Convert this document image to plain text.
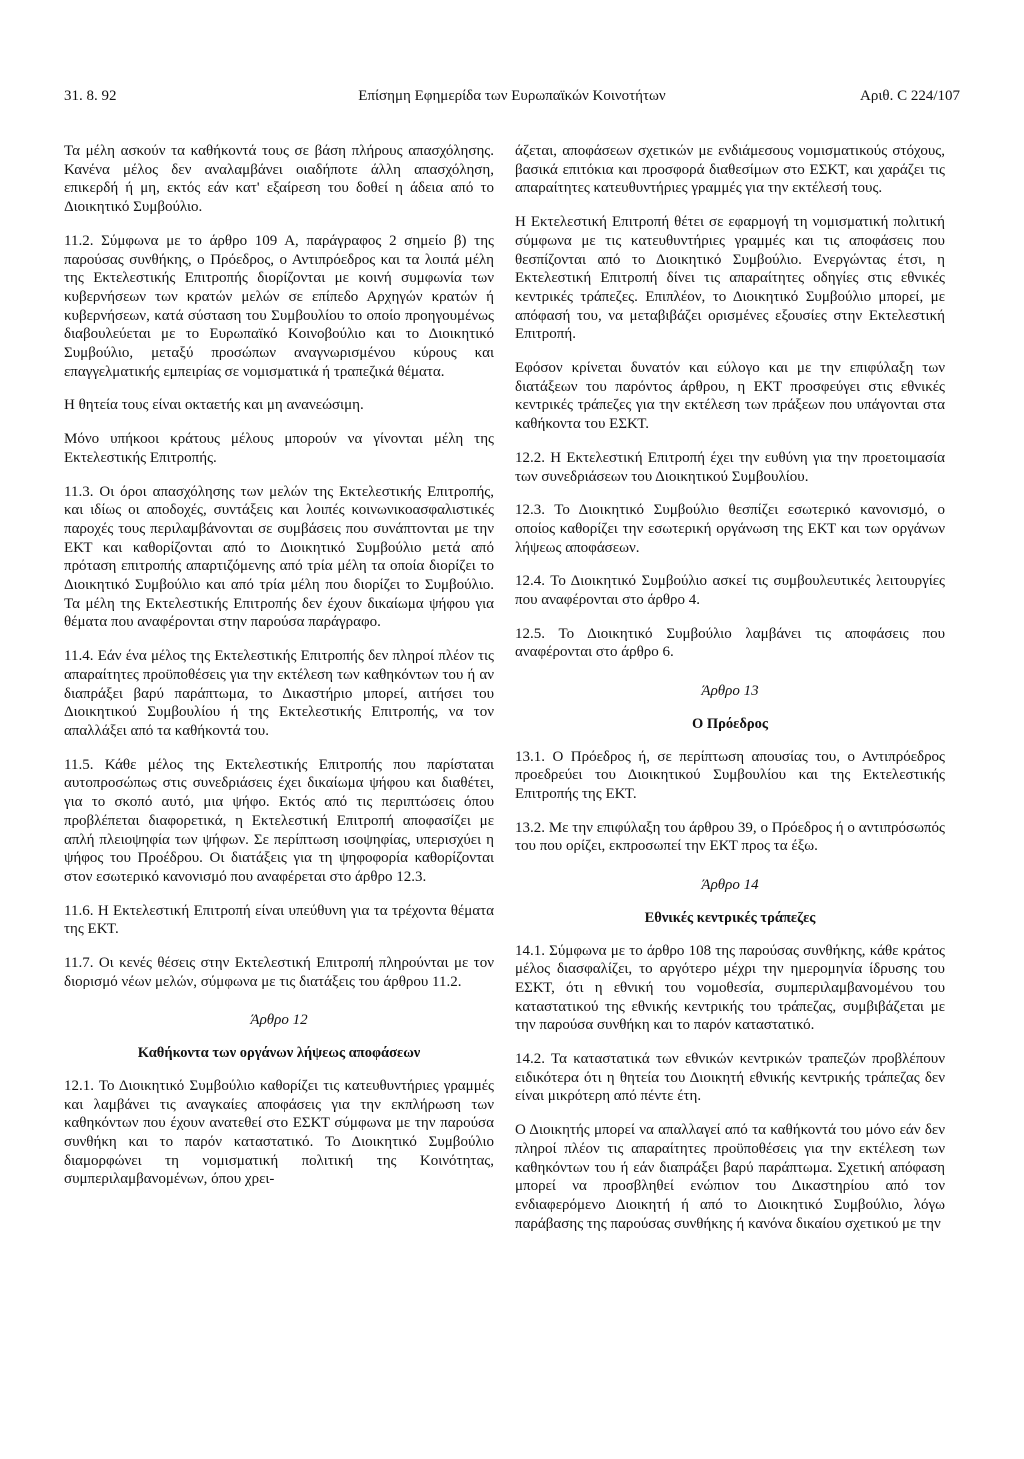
31. 8. 92	Επίσημη Εφημερίδα των Ευρωπαϊκών Κοινοτήτων	Αριθ. C 224/107

Τα μέλη ασκούν τα καθήκοντά τους σε βάση πλήρους απασχόλησης. Κανένα μέλος δεν αναλαμβάνει οιαδήποτε άλλη απασχόληση, επικερδή ή μη, εκτός εάν κατ' εξαίρεση του δοθεί η άδεια από το Διοικητικό Συμβούλιο.

11.2. Σύμφωνα με το άρθρο 109 Α, παράγραφος 2 σημείο β) της παρούσας συνθήκης, ο Πρόεδρος, ο Αντιπρόεδρος και τα λοιπά μέλη της Εκτελεστικής Επιτροπής διορίζονται με κοινή συμφωνία των κυβερνήσεων των κρατών μελών σε επίπεδο Αρχηγών κρατών ή κυβερνήσεων, κατά σύσταση του Συμβουλίου το οποίο προηγουμένως διαβουλεύεται με το Ευρωπαϊκό Κοινοβούλιο και το Διοικητικό Συμβούλιο, μεταξύ προσώπων αναγνωρισμένου κύρους και επαγγελματικής εμπειρίας σε νομισματικά ή τραπεζικά θέματα.

Η θητεία τους είναι οκταετής και μη ανανεώσιμη.

Μόνο υπήκοοι κράτους μέλους μπορούν να γίνονται μέλη της Εκτελεστικής Επιτροπής.

11.3. Οι όροι απασχόλησης των μελών της Εκτελεστικής Επιτροπής, και ιδίως οι αποδοχές, συντάξεις και λοιπές κοινωνικοασφαλιστικές παροχές τους περιλαμβάνονται σε συμβάσεις που συνάπτονται με την ΕΚΤ και καθορίζονται από το Διοικητικό Συμβούλιο μετά από πρόταση επιτροπής απαρτιζόμενης από τρία μέλη τα οποία διορίζει το Διοικητικό Συμβούλιο και από τρία μέλη που διορίζει το Συμβούλιο. Τα μέλη της Εκτελεστικής Επιτροπής δεν έχουν δικαίωμα ψήφου για θέματα που αναφέρονται στην παρούσα παράγραφο.

11.4. Εάν ένα μέλος της Εκτελεστικής Επιτροπής δεν πληροί πλέον τις απαραίτητες προϋποθέσεις για την εκτέλεση των καθηκόντων του ή αν διαπράξει βαρύ παράπτωμα, το Δικαστήριο μπορεί, αιτήσει του Διοικητικού Συμβουλίου ή της Εκτελεστικής Επιτροπής, να τον απαλλάξει από τα καθήκοντά του.

11.5. Κάθε μέλος της Εκτελεστικής Επιτροπής που παρίσταται αυτοπροσώπως στις συνεδριάσεις έχει δικαίωμα ψήφου και διαθέτει, για το σκοπό αυτό, μια ψήφο. Εκτός από τις περιπτώσεις όπου προβλέπεται διαφορετικά, η Εκτελεστική Επιτροπή αποφασίζει με απλή πλειοψηφία των ψήφων. Σε περίπτωση ισοψηφίας, υπερισχύει η ψήφος του Προέδρου. Οι διατάξεις για τη ψηφοφορία καθορίζονται στον εσωτερικό κανονισμό που αναφέρεται στο άρθρο 12.3.

11.6. Η Εκτελεστική Επιτροπή είναι υπεύθυνη για τα τρέχοντα θέματα της ΕΚΤ.

11.7. Οι κενές θέσεις στην Εκτελεστική Επιτροπή πληρούνται με τον διορισμό νέων μελών, σύμφωνα με τις διατάξεις του άρθρου 11.2.

Άρθρο 12
Καθήκοντα των οργάνων λήψεως αποφάσεων

12.1. Το Διοικητικό Συμβούλιο καθορίζει τις κατευθυντήριες γραμμές και λαμβάνει τις αναγκαίες αποφάσεις για την εκπλήρωση των καθηκόντων που έχουν ανατεθεί στο ΕΣΚΤ σύμφωνα με την παρούσα συνθήκη και το παρόν καταστατικό. Το Διοικητικό Συμβούλιο διαμορφώνει τη νομισματική πολιτική της Κοινότητας, συμπεριλαμβανομένων, όπου χρει-

άζεται, αποφάσεων σχετικών με ενδιάμεσους νομισματικούς στόχους, βασικά επιτόκια και προσφορά διαθεσίμων στο ΕΣΚΤ, και χαράζει τις απαραίτητες κατευθυντήριες γραμμές για την εκτέλεσή τους.

Η Εκτελεστική Επιτροπή θέτει σε εφαρμογή τη νομισματική πολιτική σύμφωνα με τις κατευθυντήριες γραμμές και τις αποφάσεις που θεσπίζονται από το Διοικητικό Συμβούλιο. Ενεργώντας έτσι, η Εκτελεστική Επιτροπή δίνει τις απαραίτητες οδηγίες στις εθνικές κεντρικές τράπεζες. Επιπλέον, το Διοικητικό Συμβούλιο μπορεί, με απόφασή του, να μεταβιβάζει ορισμένες εξουσίες στην Εκτελεστική Επιτροπή.

Εφόσον κρίνεται δυνατόν και εύλογο και με την επιφύλαξη των διατάξεων του παρόντος άρθρου, η ΕΚΤ προσφεύγει στις εθνικές κεντρικές τράπεζες για την εκτέλεση των πράξεων που υπάγονται στα καθήκοντα του ΕΣΚΤ.

12.2. Η Εκτελεστική Επιτροπή έχει την ευθύνη για την προετοιμασία των συνεδριάσεων του Διοικητικού Συμβουλίου.

12.3. Το Διοικητικό Συμβούλιο θεσπίζει εσωτερικό κανονισμό, ο οποίος καθορίζει την εσωτερική οργάνωση της ΕΚΤ και των οργάνων λήψεως αποφάσεων.

12.4. Το Διοικητικό Συμβούλιο ασκεί τις συμβουλευτικές λειτουργίες που αναφέρονται στο άρθρο 4.

12.5. Το Διοικητικό Συμβούλιο λαμβάνει τις αποφάσεις που αναφέρονται στο άρθρο 6.

Άρθρο 13
Ο Πρόεδρος

13.1. Ο Πρόεδρος ή, σε περίπτωση απουσίας του, ο Αντιπρόεδρος προεδρεύει του Διοικητικού Συμβουλίου και της Εκτελεστικής Επιτροπής της ΕΚΤ.

13.2. Με την επιφύλαξη του άρθρου 39, ο Πρόεδρος ή ο αντιπρόσωπός του που ορίζει, εκπροσωπεί την ΕΚΤ προς τα έξω.

Άρθρο 14
Εθνικές κεντρικές τράπεζες

14.1. Σύμφωνα με το άρθρο 108 της παρούσας συνθήκης, κάθε κράτος μέλος διασφαλίζει, το αργότερο μέχρι την ημερομηνία ίδρυσης του ΕΣΚΤ, ότι η εθνική του νομοθεσία, συμπεριλαμβανομένου του καταστατικού της εθνικής κεντρικής του τράπεζας, συμβιβάζεται με την παρούσα συνθήκη και το παρόν καταστατικό.

14.2. Τα καταστατικά των εθνικών κεντρικών τραπεζών προβλέπουν ειδικότερα ότι η θητεία του Διοικητή εθνικής κεντρικής τράπεζας δεν είναι μικρότερη από πέντε έτη.

Ο Διοικητής μπορεί να απαλλαγεί από τα καθήκοντά του μόνο εάν δεν πληροί πλέον τις απαραίτητες προϋποθέσεις για την εκτέλεση των καθηκόντων του ή εάν διαπράξει βαρύ παράπτωμα. Σχετική απόφαση μπορεί να προσβληθεί ενώπιον του Δικαστηρίου από τον ενδιαφερόμενο Διοικητή ή από το Διοικητικό Συμβούλιο, λόγω παράβασης της παρούσας συνθήκης ή κανόνα δικαίου σχετικού με την
